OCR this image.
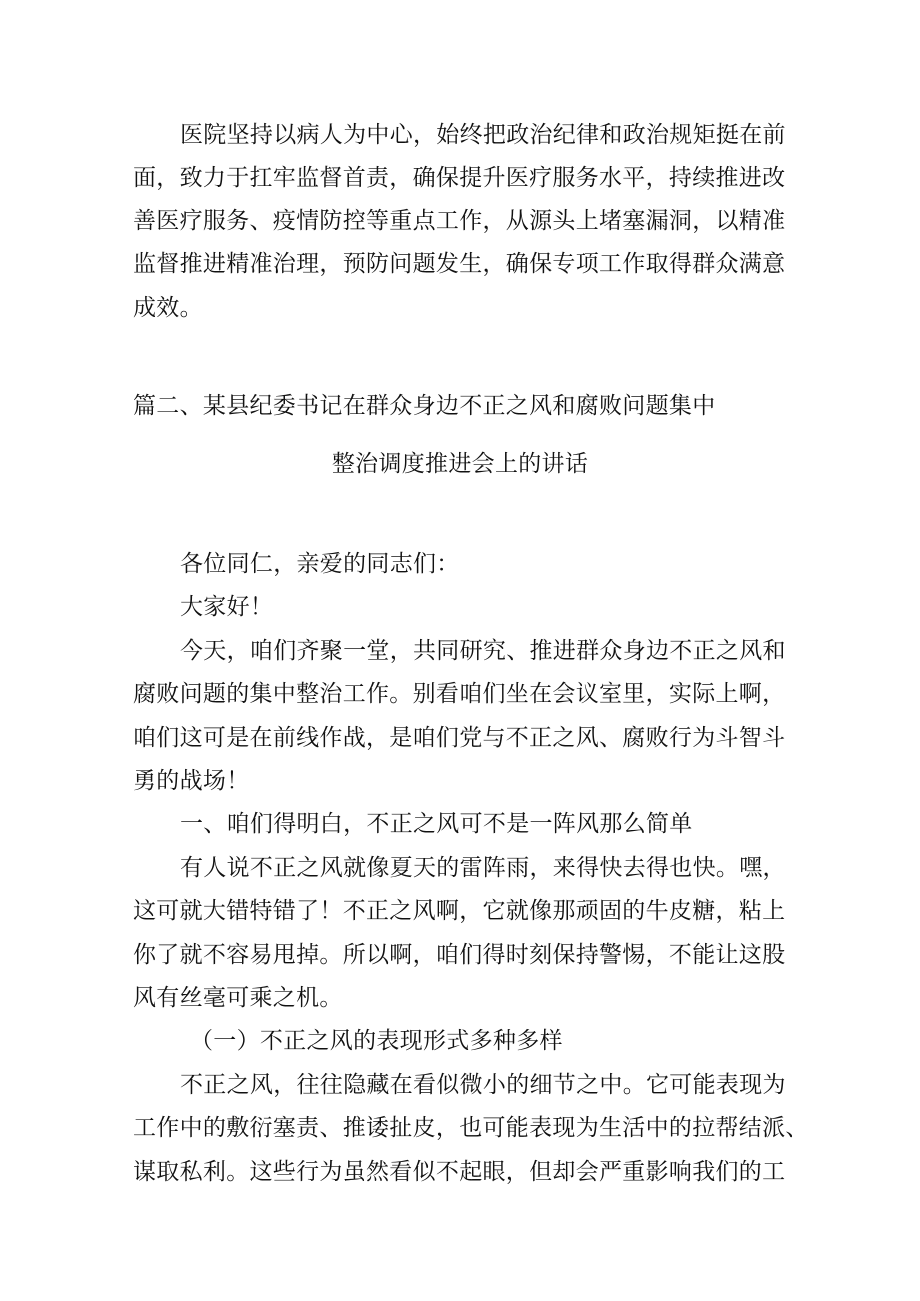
医院坚持以病人为中心，始终把政治纪律和政治规矩挺在前
面，致力于扛牢监督首责，确保提升医疗服务水平，持续推进改
善医疗服务、疫情防控等重点工作，从源头上堵塞漏洞，以精准
监督推进精准治理，预防问题发生，确保专项工作取得群众满意
成效。
篇二、某县纪委书记在群众身边不正之风和腐败问题集中
整治调度推进会上的讲话
各位同仁，亲爱的同志们：
大家好！
今天，咱们齐聚一堂，共同研究、推进群众身边不正之风和
腐败问题的集中整治工作。别看咱们坐在会议室里，实际上啊，
咱们这可是在前线作战，是咱们党与不正之风、腐败行为斗智斗
勇的战场！
一、咱们得明白，不正之风可不是一阵风那么简单
有人说不正之风就像夏天的雷阵雨，来得快去得也快。嘿，
这可就大错特错了！不正之风啊，它就像那顽固的牛皮糖，粘上
你了就不容易甩掉。所以啊，咱们得时刻保持警惕，不能让这股
风有丝毫可乘之机。
（一）不正之风的表现形式多种多样
不正之风，往往隐藏在看似微小的细节之中。它可能表现为
工作中的敷衍塞责、推诿扯皮，也可能表现为生活中的拉帮结派、
谋取私利。这些行为虽然看似不起眼，但却会严重影响我们的工
